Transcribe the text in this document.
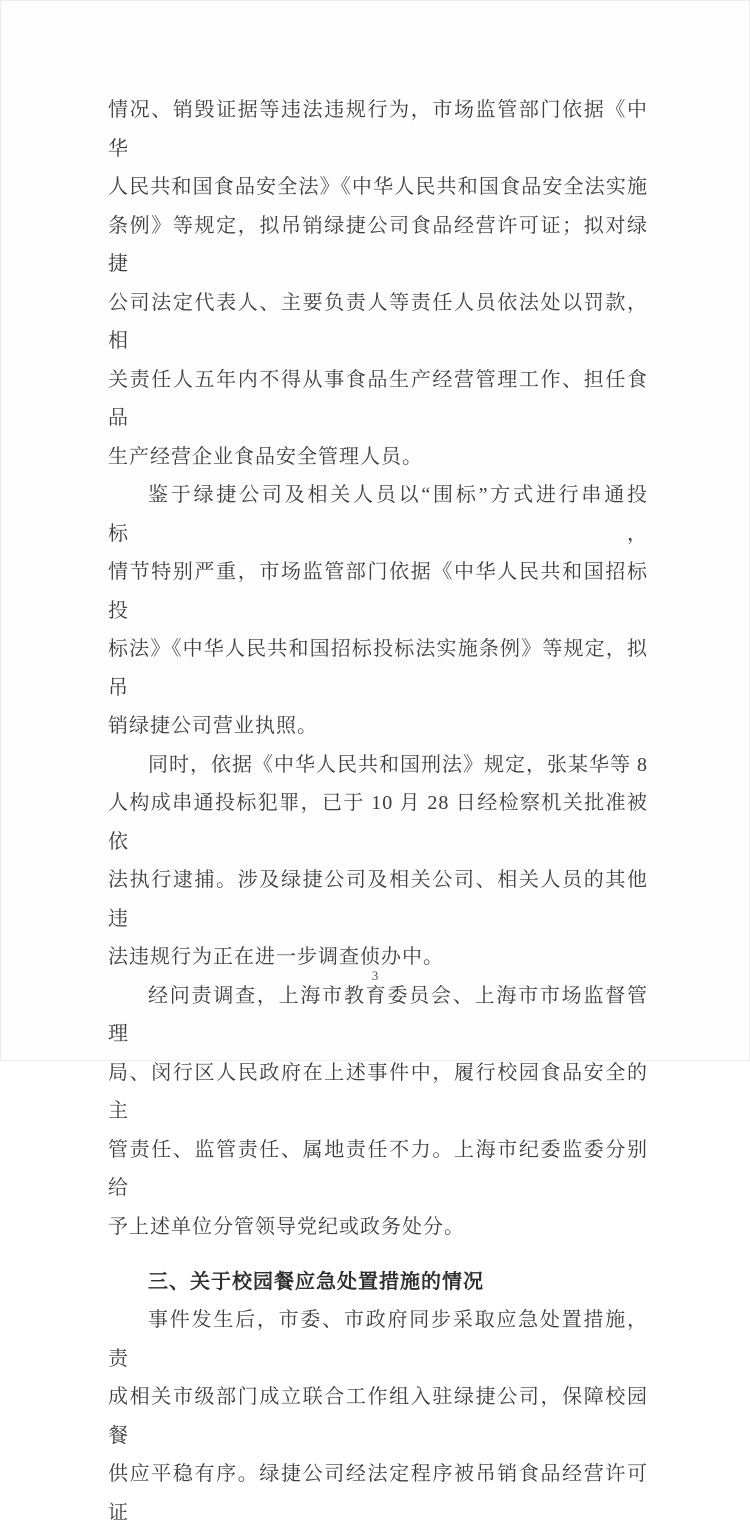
情况、销毁证据等违法违规行为，市场监管部门依据《中华

人民共和国食品安全法》《中华人民共和国食品安全法实施

条例》等规定，拟吊销绿捷公司食品经营许可证；拟对绿捷

公司法定代表人、主要负责人等责任人员依法处以罚款，相

关责任人五年内不得从事食品生产经营管理工作、担任食品

生产经营企业食品安全管理人员。

鉴于绿捷公司及相关人员以“围标”方式进行串通投标，

情节特别严重，市场监管部门依据《中华人民共和国招标投

标法》《中华人民共和国招标投标法实施条例》等规定，拟吊

销绿捷公司营业执照。

同时，依据《中华人民共和国刑法》规定，张某华等 8

人构成串通投标犯罪，已于 10 月 28 日经检察机关批准被依

法执行逮捕。涉及绿捷公司及相关公司、相关人员的其他违

法违规行为正在进一步调查侦办中。

经问责调查，上海市教育委员会、上海市市场监督管理

局、闵行区人民政府在上述事件中，履行校园食品安全的主

管责任、监管责任、属地责任不力。上海市纪委监委分别给

予上述单位分管领导党纪或政务处分。

三、关于校园餐应急处置措施的情况

事件发生后，市委、市政府同步采取应急处置措施，责

成相关市级部门成立联合工作组入驻绿捷公司，保障校园餐

供应平稳有序。绿捷公司经法定程序被吊销食品经营许可证

3
